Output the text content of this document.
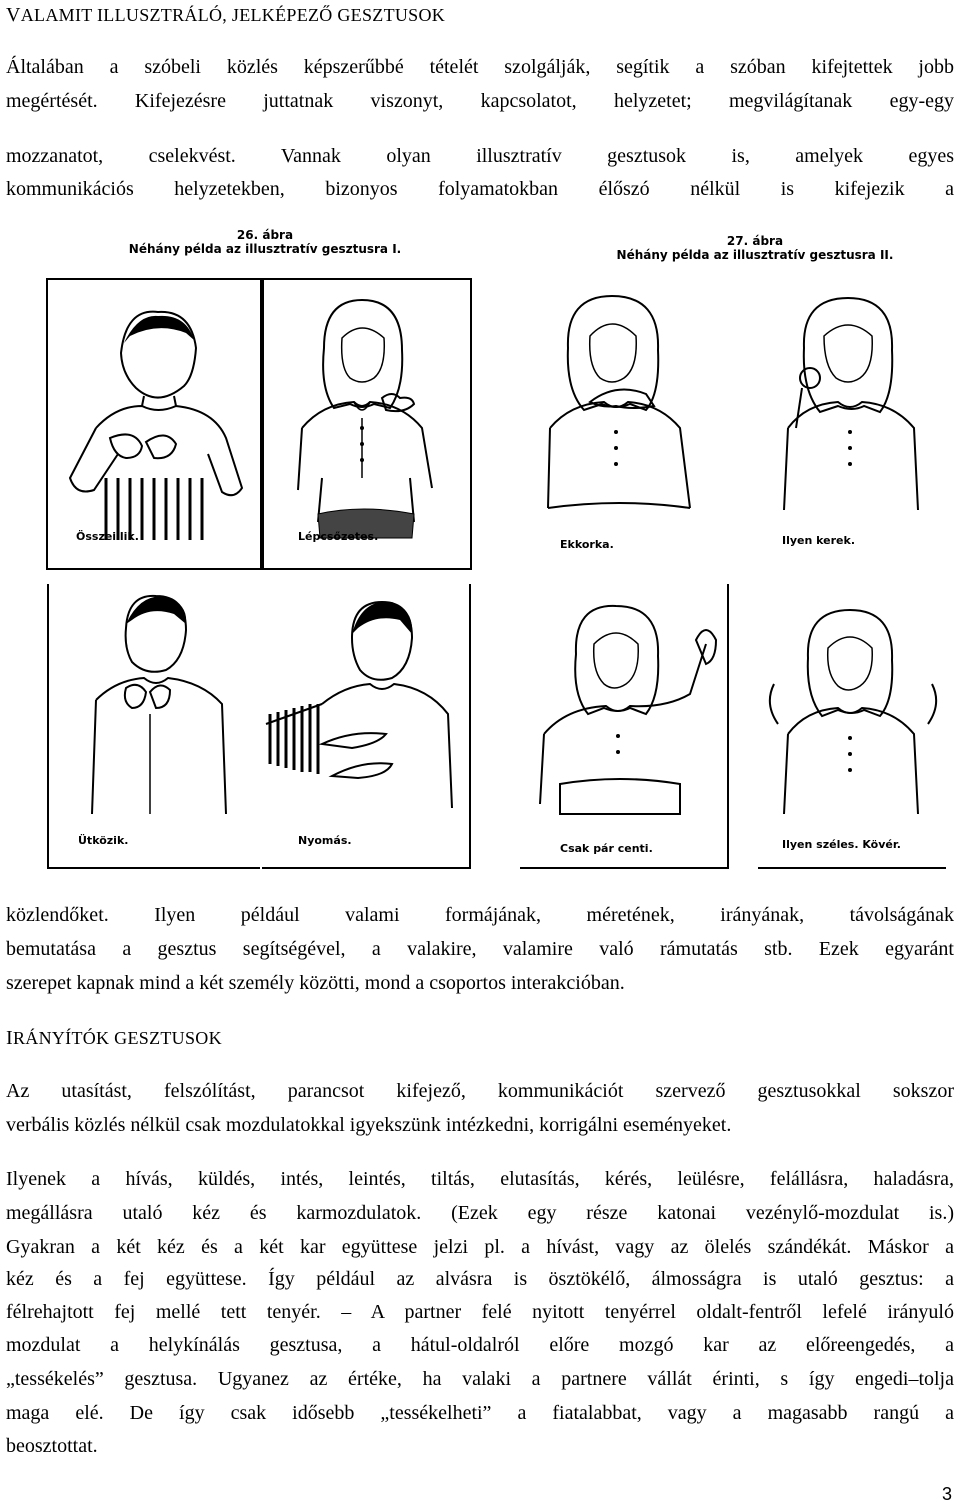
VALAMIT ILLUSZTRÁLÓ, JELKÉPEZŐ GESZTUSOK
Általában a szóbeli közlés képszerűbbé tételét szolgálják, segítik a szóban kifejtettek jobb
megértését. Kifejezésre juttatnak viszonyt, kapcsolatot, helyzetet; megvilágítanak egy-egy
mozzanatot, cselekvést. Vannak olyan illusztratív gesztusok is, amelyek egyes
kommunikációs helyzetekben, bizonyos folyamatokban élőszó nélkül is kifejezik a
26. ábra
Néhány példa az illusztratív gesztusra I.
27. ábra
Néhány példa az illusztratív gesztusra II.
Összeillik.	Lépcsőzetes.
Ekkorka.	Ilyen kerek.
Ütközik.	Nyomás.
Csak pár centi.	Ilyen széles. Kövér.
közlendőket. Ilyen például valami formájának, méretének, irányának, távolságának
bemutatása a gesztus segítségével, a valakire, valamire való rámutatás stb. Ezek egyaránt
szerepet kapnak mind a két személy közötti, mond a csoportos interakcióban.
IRÁNYÍTÓK GESZTUSOK
Az utasítást, felszólítást, parancsot kifejező, kommunikációt szervező gesztusokkal sokszor
verbális közlés nélkül csak mozdulatokkal igyekszünk intézkedni, korrigálni eseményeket.
Ilyenek a hívás, küldés, intés, leintés, tiltás, elutasítás, kérés, leülésre, felállásra, haladásra,
megállásra utaló kéz és karmozdulatok. (Ezek egy része katonai vezénylő-mozdulat is.)
Gyakran a két kéz és a két kar együttese jelzi pl. a hívást, vagy az ölelés szándékát. Máskor a
kéz és a fej együttese. Így például az alvásra is ösztökélő, álmosságra is utaló gesztus: a
félrehajtott fej mellé tett tenyér. – A partner felé nyitott tenyérrel oldalt-fentről lefelé irányuló
mozdulat a helykínálás gesztusa, a hátul-oldalról előre mozgó kar az előreengedés, a
„tessékelés” gesztusa. Ugyanez az értéke, ha valaki a partnere vállát érinti, s így engedi–tolja
maga elé. De így csak idősebb „tessékelheti” a fiatalabbat, vagy a magasabb rangú a
beosztottat.
3
